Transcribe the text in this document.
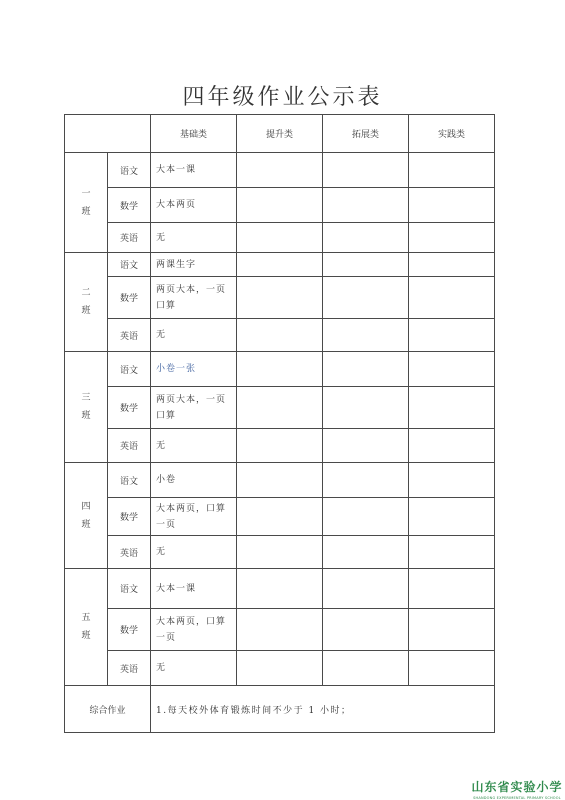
四年级作业公示表
		基础类	提升类	拓展类	实践类

一
班	语文	大本一课			
	数学	大本两页			
	英语	无			

二
班	语文	两课生字			
	数学	两页大本，一页口算			
	英语	无			

三
班	语文	小卷一张			
	数学	两页大本，一页口算			
	英语	无			

四
班	语文	小卷			
	数学	大本两页，口算一页			
	英语	无			

五
班	语文	大本一课			
	数学	大本两页，口算一页			
	英语	无			
综合作业		1.每天校外体育锻炼时间不少于 1 小时；			
山东省实验小学
SHANDONG EXPERIMENTAL PRIMARY SCHOOL
